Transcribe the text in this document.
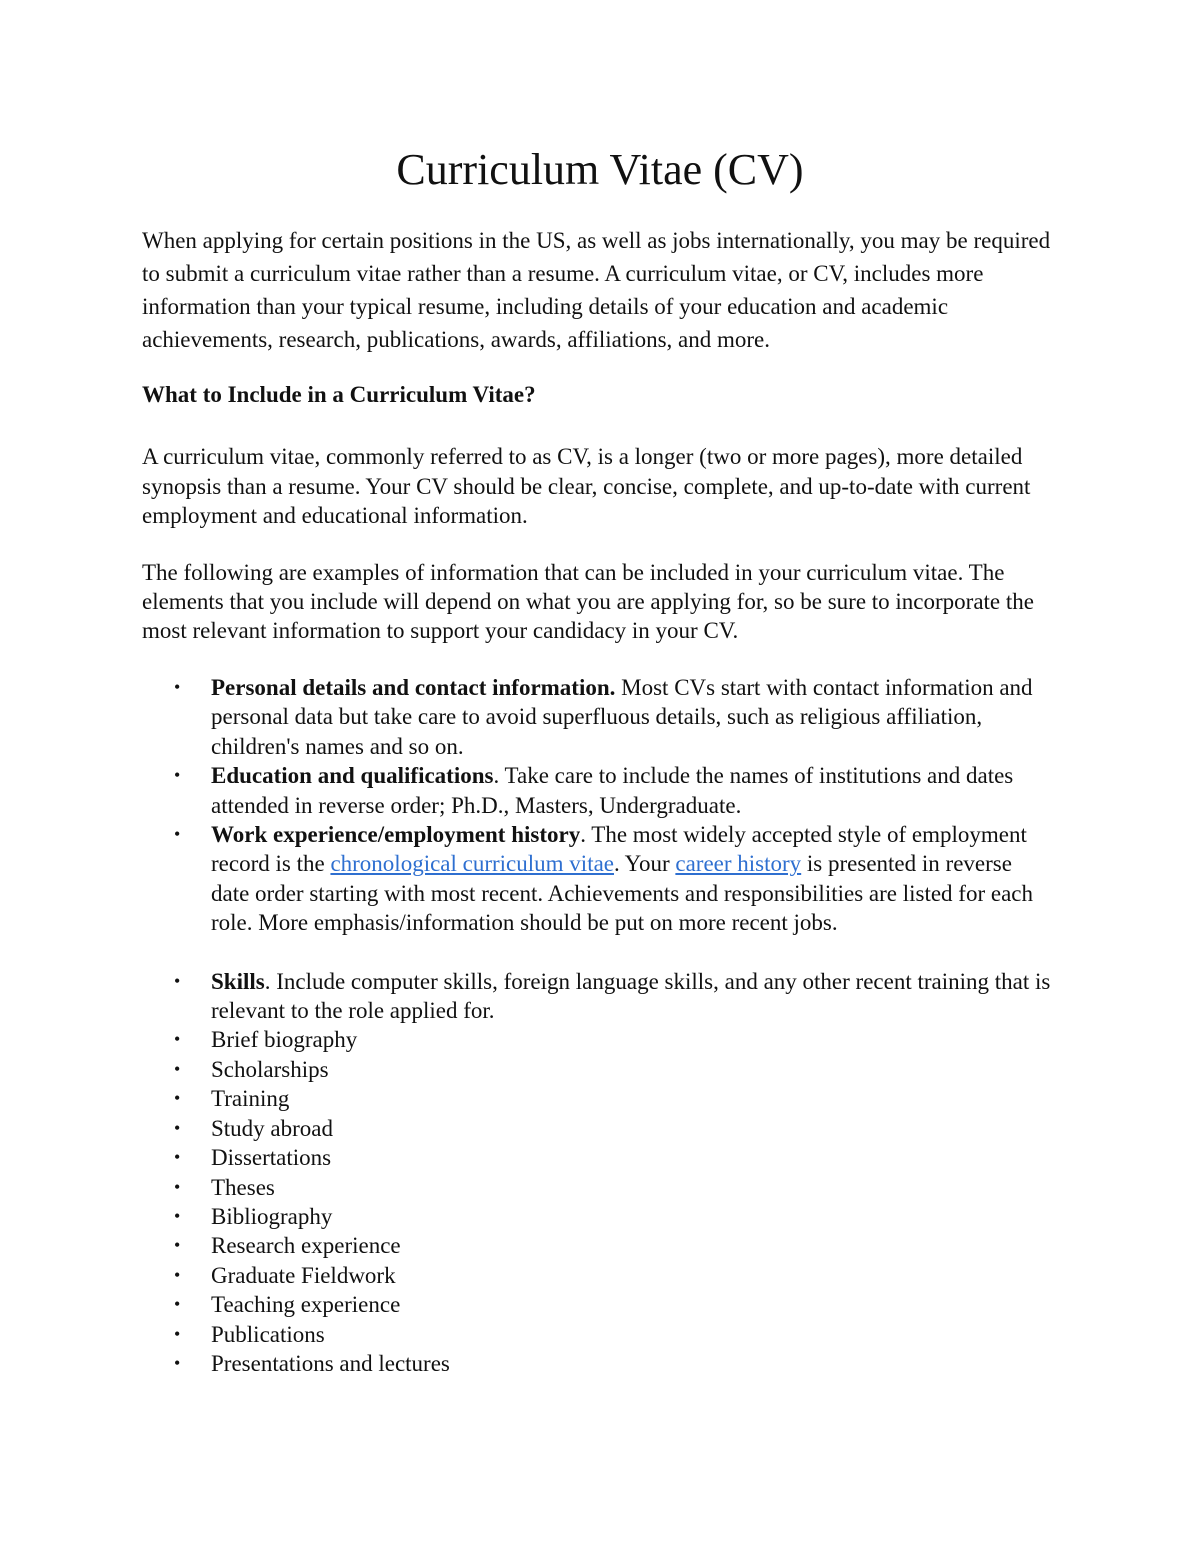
Curriculum Vitae (CV)

When applying for certain positions in the US, as well as jobs internationally, you may be required to submit a curriculum vitae rather than a resume. A curriculum vitae, or CV, includes more information than your typical resume, including details of your education and academic achievements, research, publications, awards, affiliations, and more.

What to Include in a Curriculum Vitae?

A curriculum vitae, commonly referred to as CV, is a longer (two or more pages), more detailed synopsis than a resume. Your CV should be clear, concise, complete, and up-to-date with current employment and educational information.

The following are examples of information that can be included in your curriculum vitae. The elements that you include will depend on what you are applying for, so be sure to incorporate the most relevant information to support your candidacy in your CV.

• Personal details and contact information. Most CVs start with contact information and personal data but take care to avoid superfluous details, such as religious affiliation, children's names and so on.
• Education and qualifications. Take care to include the names of institutions and dates attended in reverse order; Ph.D., Masters, Undergraduate.
• Work experience/employment history. The most widely accepted style of employment record is the chronological curriculum vitae. Your career history is presented in reverse date order starting with most recent. Achievements and responsibilities are listed for each role. More emphasis/information should be put on more recent jobs.
• Skills. Include computer skills, foreign language skills, and any other recent training that is relevant to the role applied for.
• Brief biography
• Scholarships
• Training
• Study abroad
• Dissertations
• Theses
• Bibliography
• Research experience
• Graduate Fieldwork
• Teaching experience
• Publications
• Presentations and lectures
